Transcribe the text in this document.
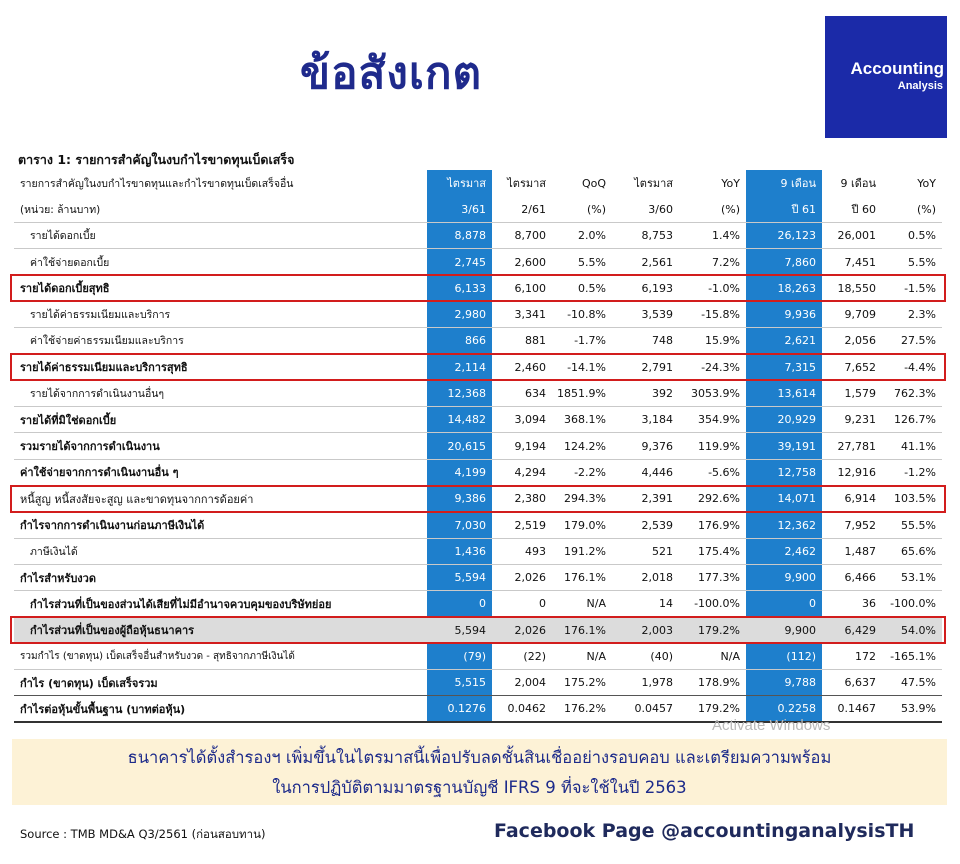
ข้อสังเกต	Accounting
Analysis
ตาราง 1: รายการสำคัญในงบกำไรขาดทุนเบ็ดเสร็จ
รายการสำคัญในงบกำไรขาดทุนและกำไรขาดทุนเบ็ดเสร็จอื่น	ไตรมาส	ไตรมาส	QoQ	ไตรมาส	YoY	9 เดือน	9 เดือน	YoY
(หน่วย: ล้านบาท)	3/61	2/61	(%)	3/60	(%)	ปี 61	ปี 60	(%)
รายได้ดอกเบี้ย	8,878	8,700	2.0%	8,753	1.4%	26,123	26,001	0.5%
ค่าใช้จ่ายดอกเบี้ย	2,745	2,600	5.5%	2,561	7.2%	7,860	7,451	5.5%
รายได้ดอกเบี้ยสุทธิ	6,133	6,100	0.5%	6,193	-1.0%	18,263	18,550	-1.5%
รายได้ค่าธรรมเนียมและบริการ	2,980	3,341	-10.8%	3,539	-15.8%	9,936	9,709	2.3%
ค่าใช้จ่ายค่าธรรมเนียมและบริการ	866	881	-1.7%	748	15.9%	2,621	2,056	27.5%
รายได้ค่าธรรมเนียมและบริการสุทธิ	2,114	2,460	-14.1%	2,791	-24.3%	7,315	7,652	-4.4%
รายได้จากการดำเนินงานอื่นๆ	12,368	634	1851.9%	392	3053.9%	13,614	1,579	762.3%
รายได้ที่มิใช่ดอกเบี้ย	14,482	3,094	368.1%	3,184	354.9%	20,929	9,231	126.7%
รวมรายได้จากการดำเนินงาน	20,615	9,194	124.2%	9,376	119.9%	39,191	27,781	41.1%
ค่าใช้จ่ายจากการดำเนินงานอื่น ๆ	4,199	4,294	-2.2%	4,446	-5.6%	12,758	12,916	-1.2%
หนี้สูญ หนี้สงสัยจะสูญ และขาดทุนจากการด้อยค่า	9,386	2,380	294.3%	2,391	292.6%	14,071	6,914	103.5%
กำไรจากการดำเนินงานก่อนภาษีเงินได้	7,030	2,519	179.0%	2,539	176.9%	12,362	7,952	55.5%
ภาษีเงินได้	1,436	493	191.2%	521	175.4%	2,462	1,487	65.6%
กำไรสำหรับงวด	5,594	2,026	176.1%	2,018	177.3%	9,900	6,466	53.1%
กำไรส่วนที่เป็นของส่วนได้เสียที่ไม่มีอำนาจควบคุมของบริษัทย่อย	0	0	N/A	14	-100.0%	0	36	-100.0%
กำไรส่วนที่เป็นของผู้ถือหุ้นธนาคาร	5,594	2,026	176.1%	2,003	179.2%	9,900	6,429	54.0%
รวมกำไร (ขาดทุน) เบ็ดเสร็จอื่นสำหรับงวด - สุทธิจากภาษีเงินได้	(79)	(22)	N/A	(40)	N/A	(112)	172	-165.1%
กำไร (ขาดทุน) เบ็ดเสร็จรวม	5,515	2,004	175.2%	1,978	178.9%	9,788	6,637	47.5%
กำไรต่อหุ้นขั้นพื้นฐาน (บาทต่อหุ้น)	0.1276	0.0462	176.2%	0.0457	179.2%	0.2258	0.1467	53.9%
Activate Windows
ธนาคารได้ตั้งสำรองฯ เพิ่มขึ้นในไตรมาสนี้เพื่อปรับลดชั้นสินเชื่ออย่างรอบคอบ และเตรียมความพร้อม
ในการปฏิบัติตามมาตรฐานบัญชี IFRS 9 ที่จะใช้ในปี 2563
Source : TMB MD&A Q3/2561 (ก่อนสอบทาน)	Facebook Page @accountinganalysisTH
